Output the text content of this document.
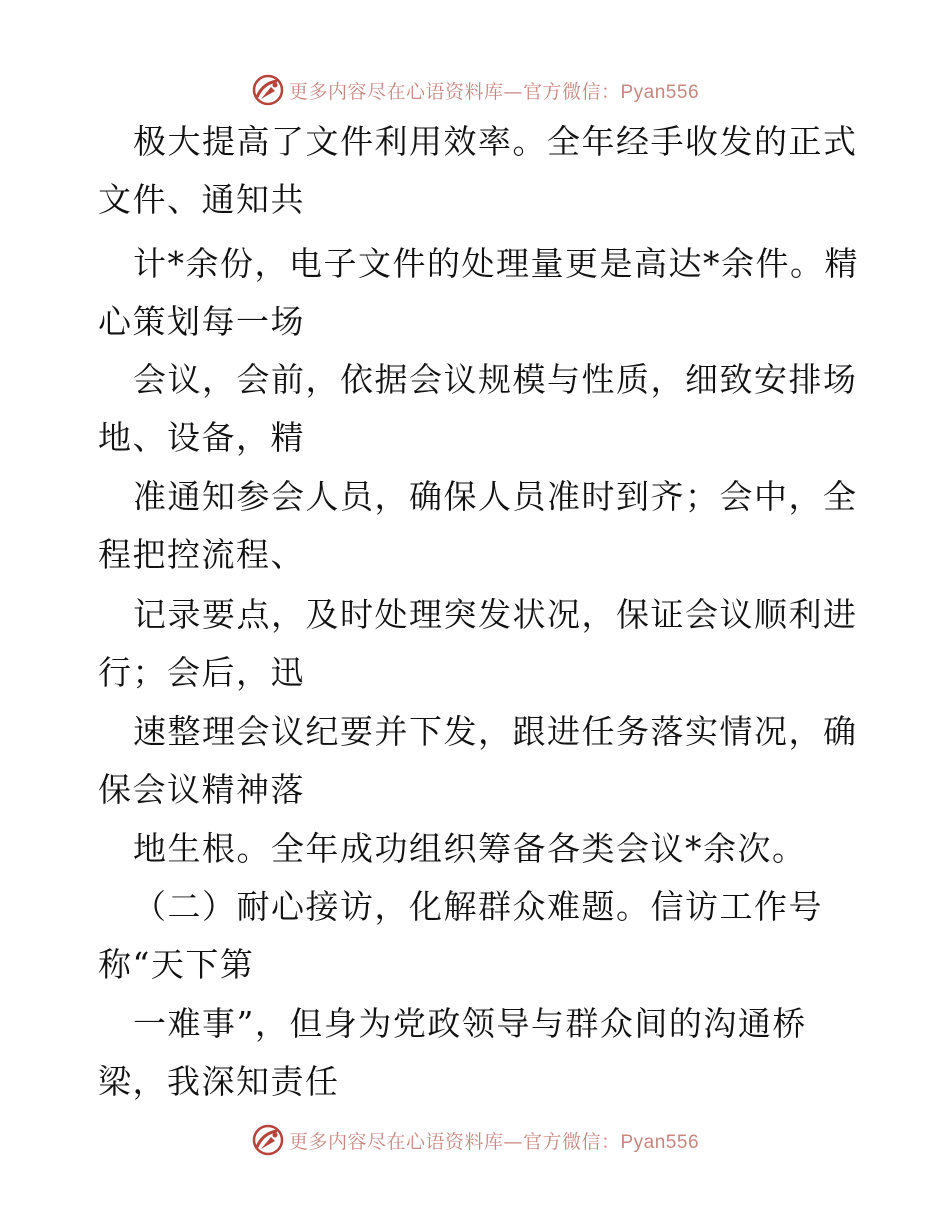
更多内容尽在心语资料库—官方微信：Pyan556
极大提高了文件利用效率。全年经手收发的正式
文件、通知共
计*余份，电子文件的处理量更是高达*余件。精
心策划每一场
会议，会前，依据会议规模与性质，细致安排场
地、设备，精
准通知参会人员，确保人员准时到齐；会中，全
程把控流程、
记录要点，及时处理突发状况，保证会议顺利进
行；会后，迅
速整理会议纪要并下发，跟进任务落实情况，确
保会议精神落
地生根。全年成功组织筹备各类会议*余次。
（二）耐心接访，化解群众难题。信访工作号
称“天下第
一难事”，但身为党政领导与群众间的沟通桥
梁，我深知责任
更多内容尽在心语资料库—官方微信：Pyan556
